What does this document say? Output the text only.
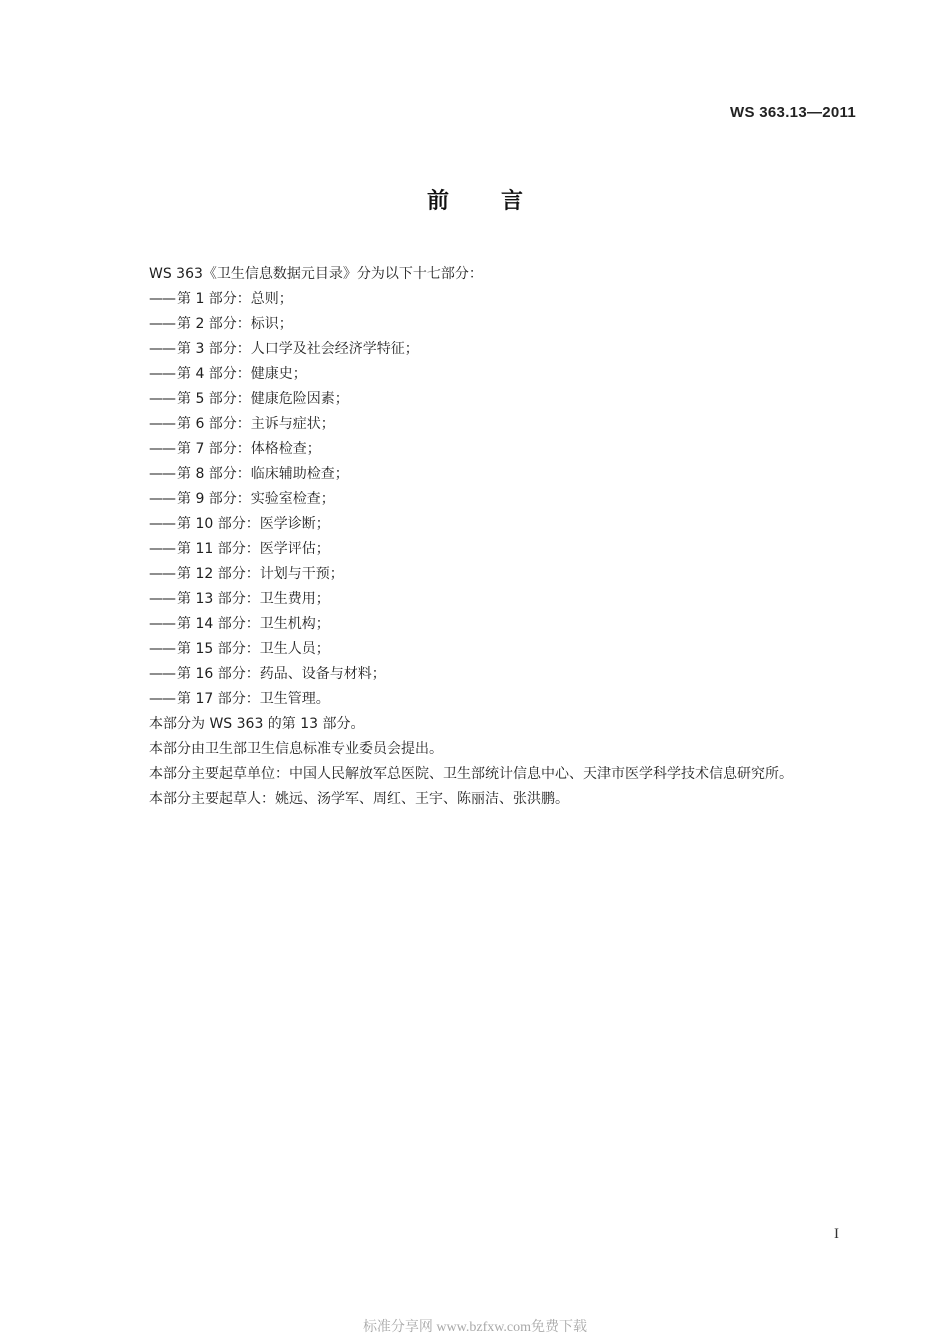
WS 363.13—2011
前言
WS 363《卫生信息数据元目录》分为以下十七部分：
—— 第 1 部分：总则；
—— 第 2 部分：标识；
—— 第 3 部分：人口学及社会经济学特征；
—— 第 4 部分：健康史；
—— 第 5 部分：健康危险因素；
—— 第 6 部分：主诉与症状；
—— 第 7 部分：体格检查；
—— 第 8 部分：临床辅助检查；
—— 第 9 部分：实验室检查；
—— 第 10 部分：医学诊断；
—— 第 11 部分：医学评估；
—— 第 12 部分：计划与干预；
—— 第 13 部分：卫生费用；
—— 第 14 部分：卫生机构；
—— 第 15 部分：卫生人员；
—— 第 16 部分：药品、设备与材料；
—— 第 17 部分：卫生管理。
本部分为 WS 363 的第 13 部分。
本部分由卫生部卫生信息标准专业委员会提出。
本部分主要起草单位：中国人民解放军总医院、卫生部统计信息中心、天津市医学科学技术信息研究所。
本部分主要起草人：姚远、汤学军、周红、王宇、陈丽洁、张洪鹏。
I
标准分享网 www.bzfxw.com免费下载
